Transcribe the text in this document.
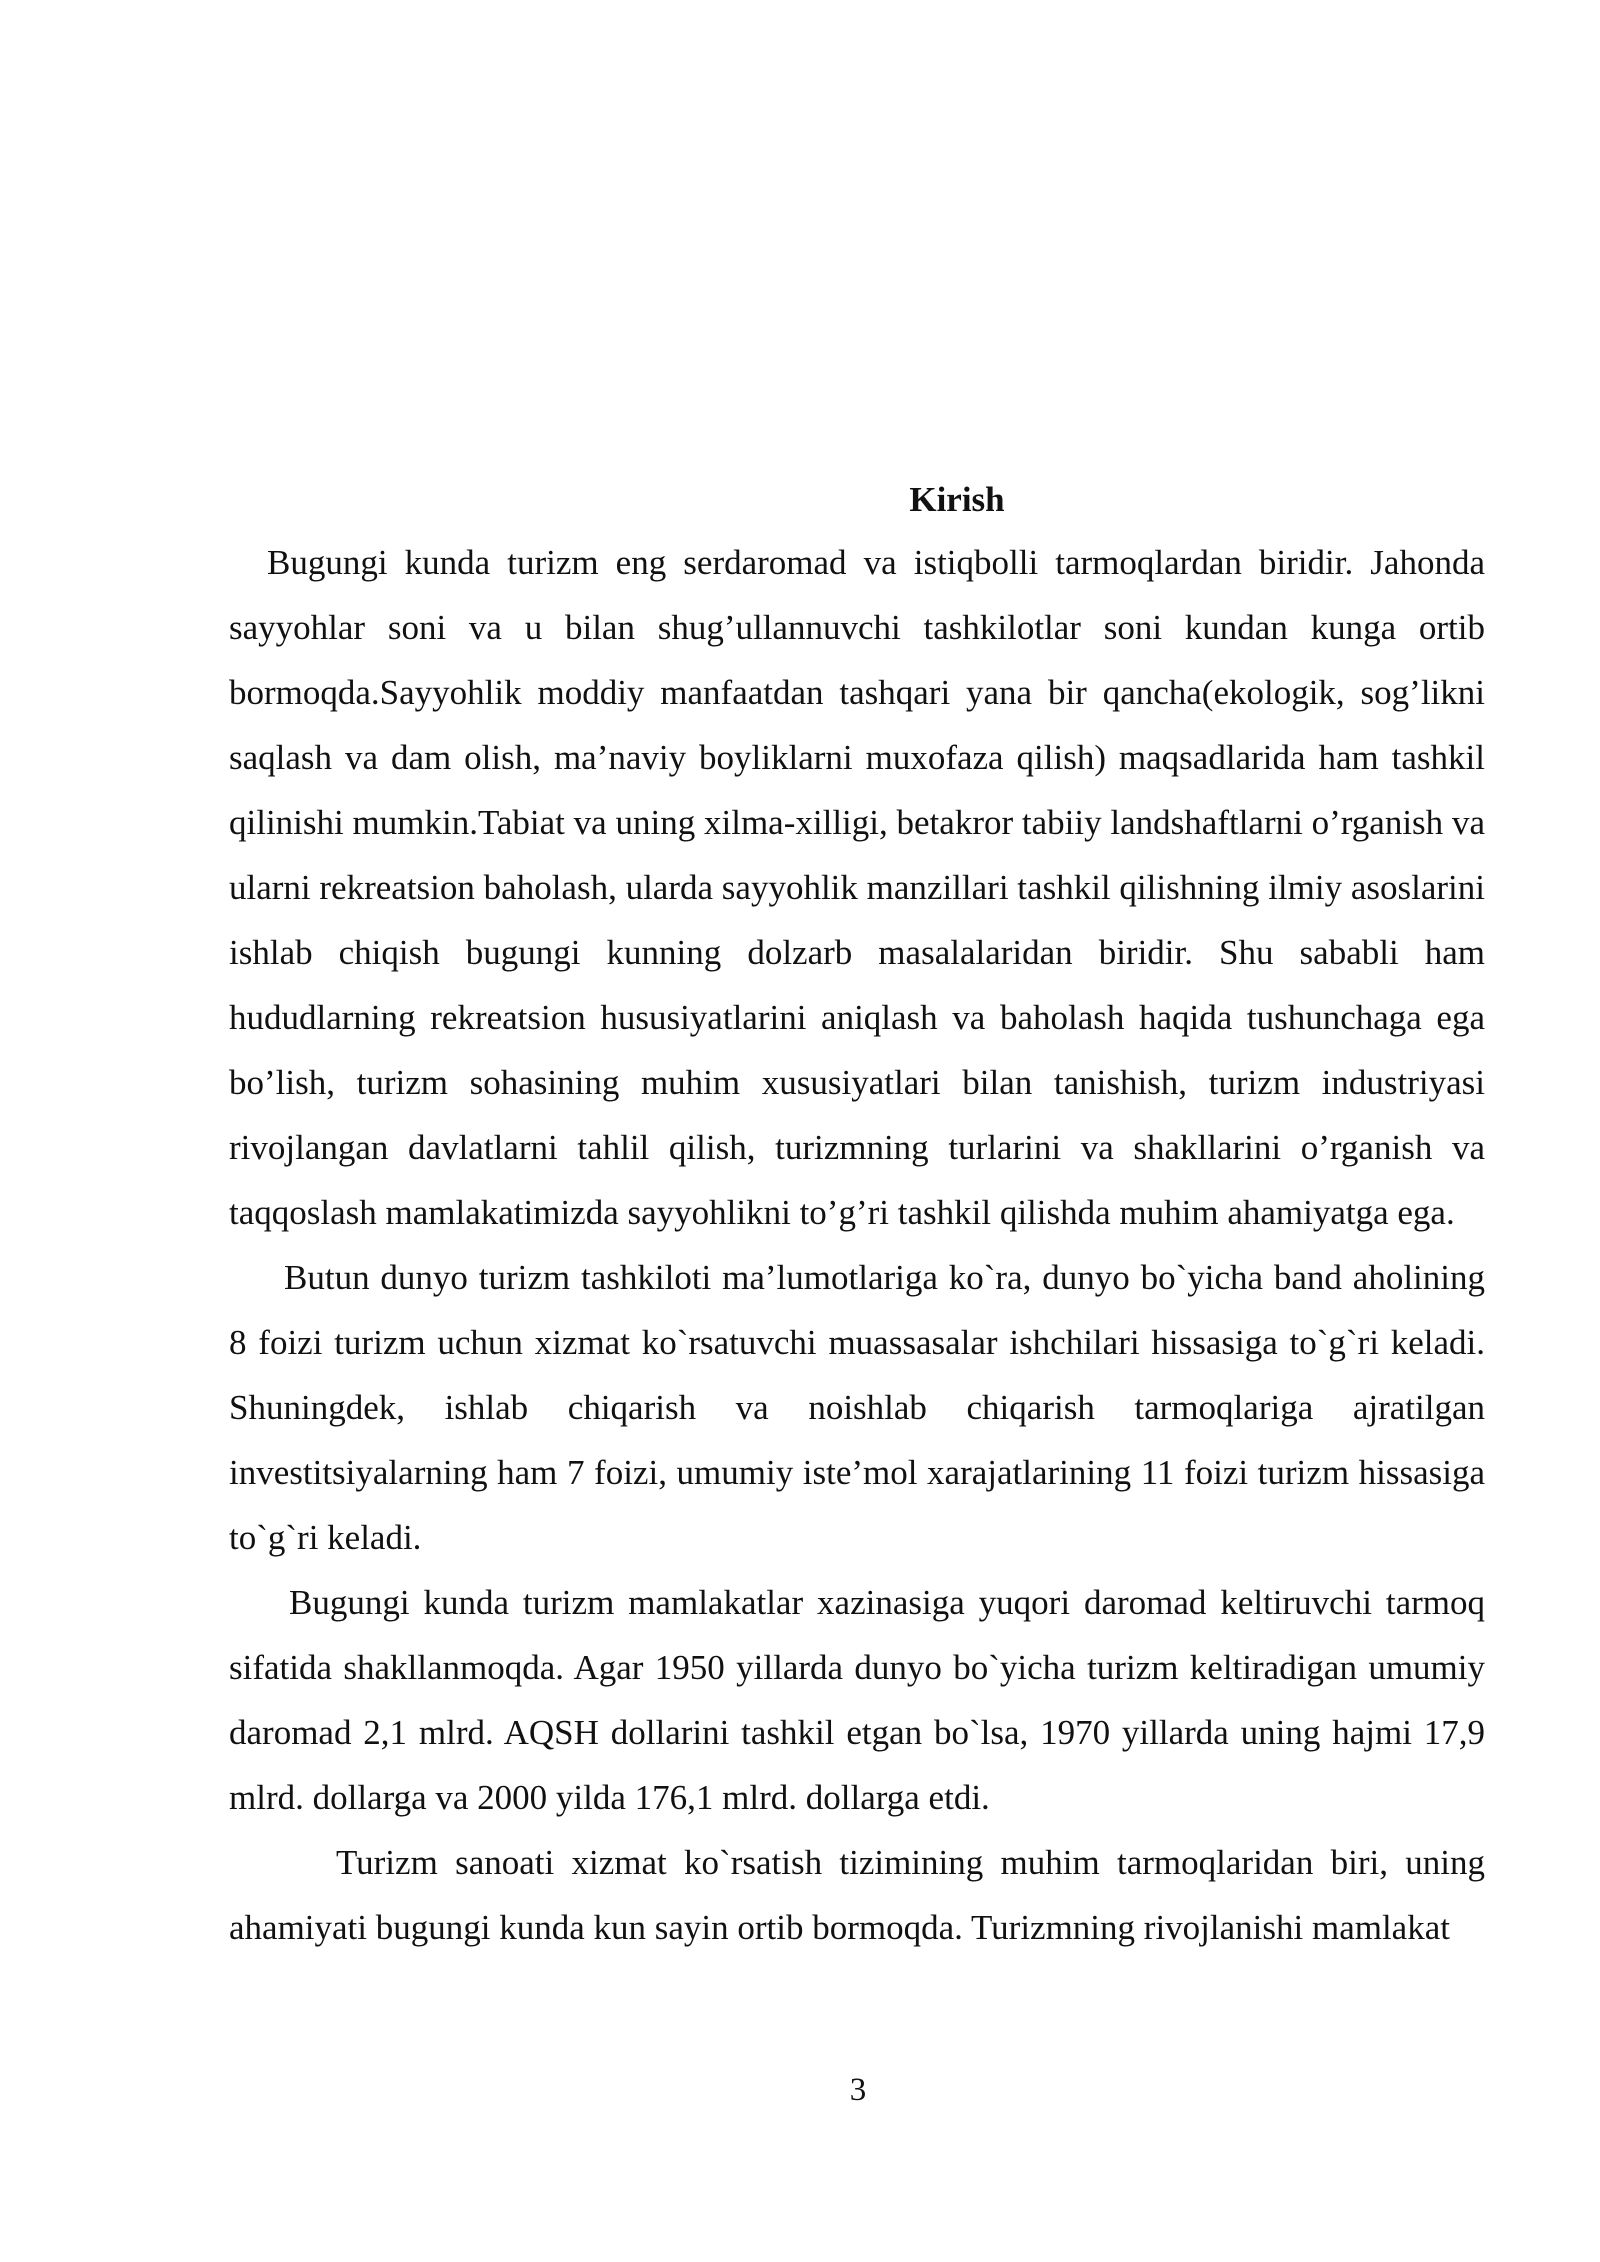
Kirish

Bugungi kunda turizm eng serdaromad va istiqbolli tarmoqlardan biridir. Jahonda sayyohlar soni va u bilan shug’ullannuvchi tashkilotlar soni kundan kunga ortib bormoqda.Sayyohlik moddiy manfaatdan tashqari yana bir qancha(ekologik, sog’likni saqlash va dam olish, ma’naviy boyliklarni muxofaza qilish) maqsadlarida ham tashkil qilinishi mumkin.Tabiat va uning xilma-xilligi, betakror tabiiy landshaftlarni o’rganish va ularni rekreatsion baholash, ularda sayyohlik manzillari tashkil qilishning ilmiy asoslarini ishlab chiqish bugungi kunning dolzarb masalalaridan biridir. Shu sababli ham hududlarning rekreatsion hususiyatlarini aniqlash va baholash haqida tushunchaga ega bo’lish, turizm sohasining muhim xususiyatlari bilan tanishish, turizm industriyasi rivojlangan davlatlarni tahlil qilish, turizmning turlarini va shakllarini o’rganish va taqqoslash mamlakatimizda sayyohlikni to’g’ri tashkil qilishda muhim ahamiyatga ega.

Butun dunyo turizm tashkiloti ma’lumotlariga ko`ra, dunyo bo`yicha band aholining 8 foizi turizm uchun xizmat ko`rsatuvchi muassasalar ishchilari hissasiga to`g`ri keladi. Shuningdek, ishlab chiqarish va noishlab chiqarish tarmoqlariga ajratilgan investitsiyalarning ham 7 foizi, umumiy iste’mol xarajatlarining 11 foizi turizm hissasiga to`g`ri keladi.

Bugungi kunda turizm mamlakatlar xazinasiga yuqori daromad keltiruvchi tarmoq sifatida shakllanmoqda. Agar 1950 yillarda dunyo bo`yicha turizm keltiradigan umumiy daromad 2,1 mlrd. AQSH dollarini tashkil etgan bo`lsa, 1970 yillarda uning hajmi 17,9 mlrd. dollarga va 2000 yilda 176,1 mlrd. dollarga etdi.

Turizm sanoati xizmat ko`rsatish tizimining muhim tarmoqlaridan biri, uning ahamiyati bugungi kunda kun sayin ortib bormoqda. Turizmning rivojlanishi mamlakat

3
